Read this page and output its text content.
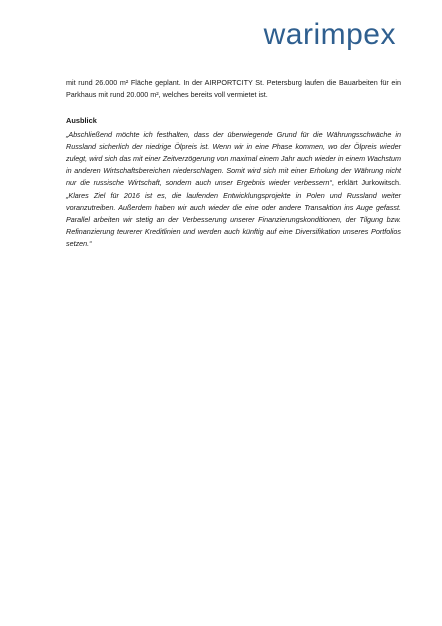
warimpex

mit rund 26.000 m² Fläche geplant. In der AIRPORTCITY St. Petersburg laufen die Bauarbeiten für ein Parkhaus mit rund 20.000 m², welches bereits voll vermietet ist.

Ausblick

„Abschließend möchte ich festhalten, dass der überwiegende Grund für die Währungsschwäche in Russland sicherlich der niedrige Ölpreis ist. Wenn wir in eine Phase kommen, wo der Ölpreis wieder zulegt, wird sich das mit einer Zeitverzögerung von maximal einem Jahr auch wieder in einem Wachstum in anderen Wirtschaftsbereichen niederschlagen. Somit wird sich mit einer Erholung der Währung nicht nur die russische Wirtschaft, sondern auch unser Ergebnis wieder verbessern“, erklärt Jurkowitsch. „Klares Ziel für 2016 ist es, die laufenden Entwicklungsprojekte in Polen und Russland weiter voranzutreiben. Außerdem haben wir auch wieder die eine oder andere Transaktion ins Auge gefasst. Parallel arbeiten wir stetig an der Verbesserung unserer Finanzierungskonditionen, der Tilgung bzw. Refinanzierung teurerer Kreditlinien und werden auch künftig auf eine Diversifikation unseres Portfolios setzen.“
